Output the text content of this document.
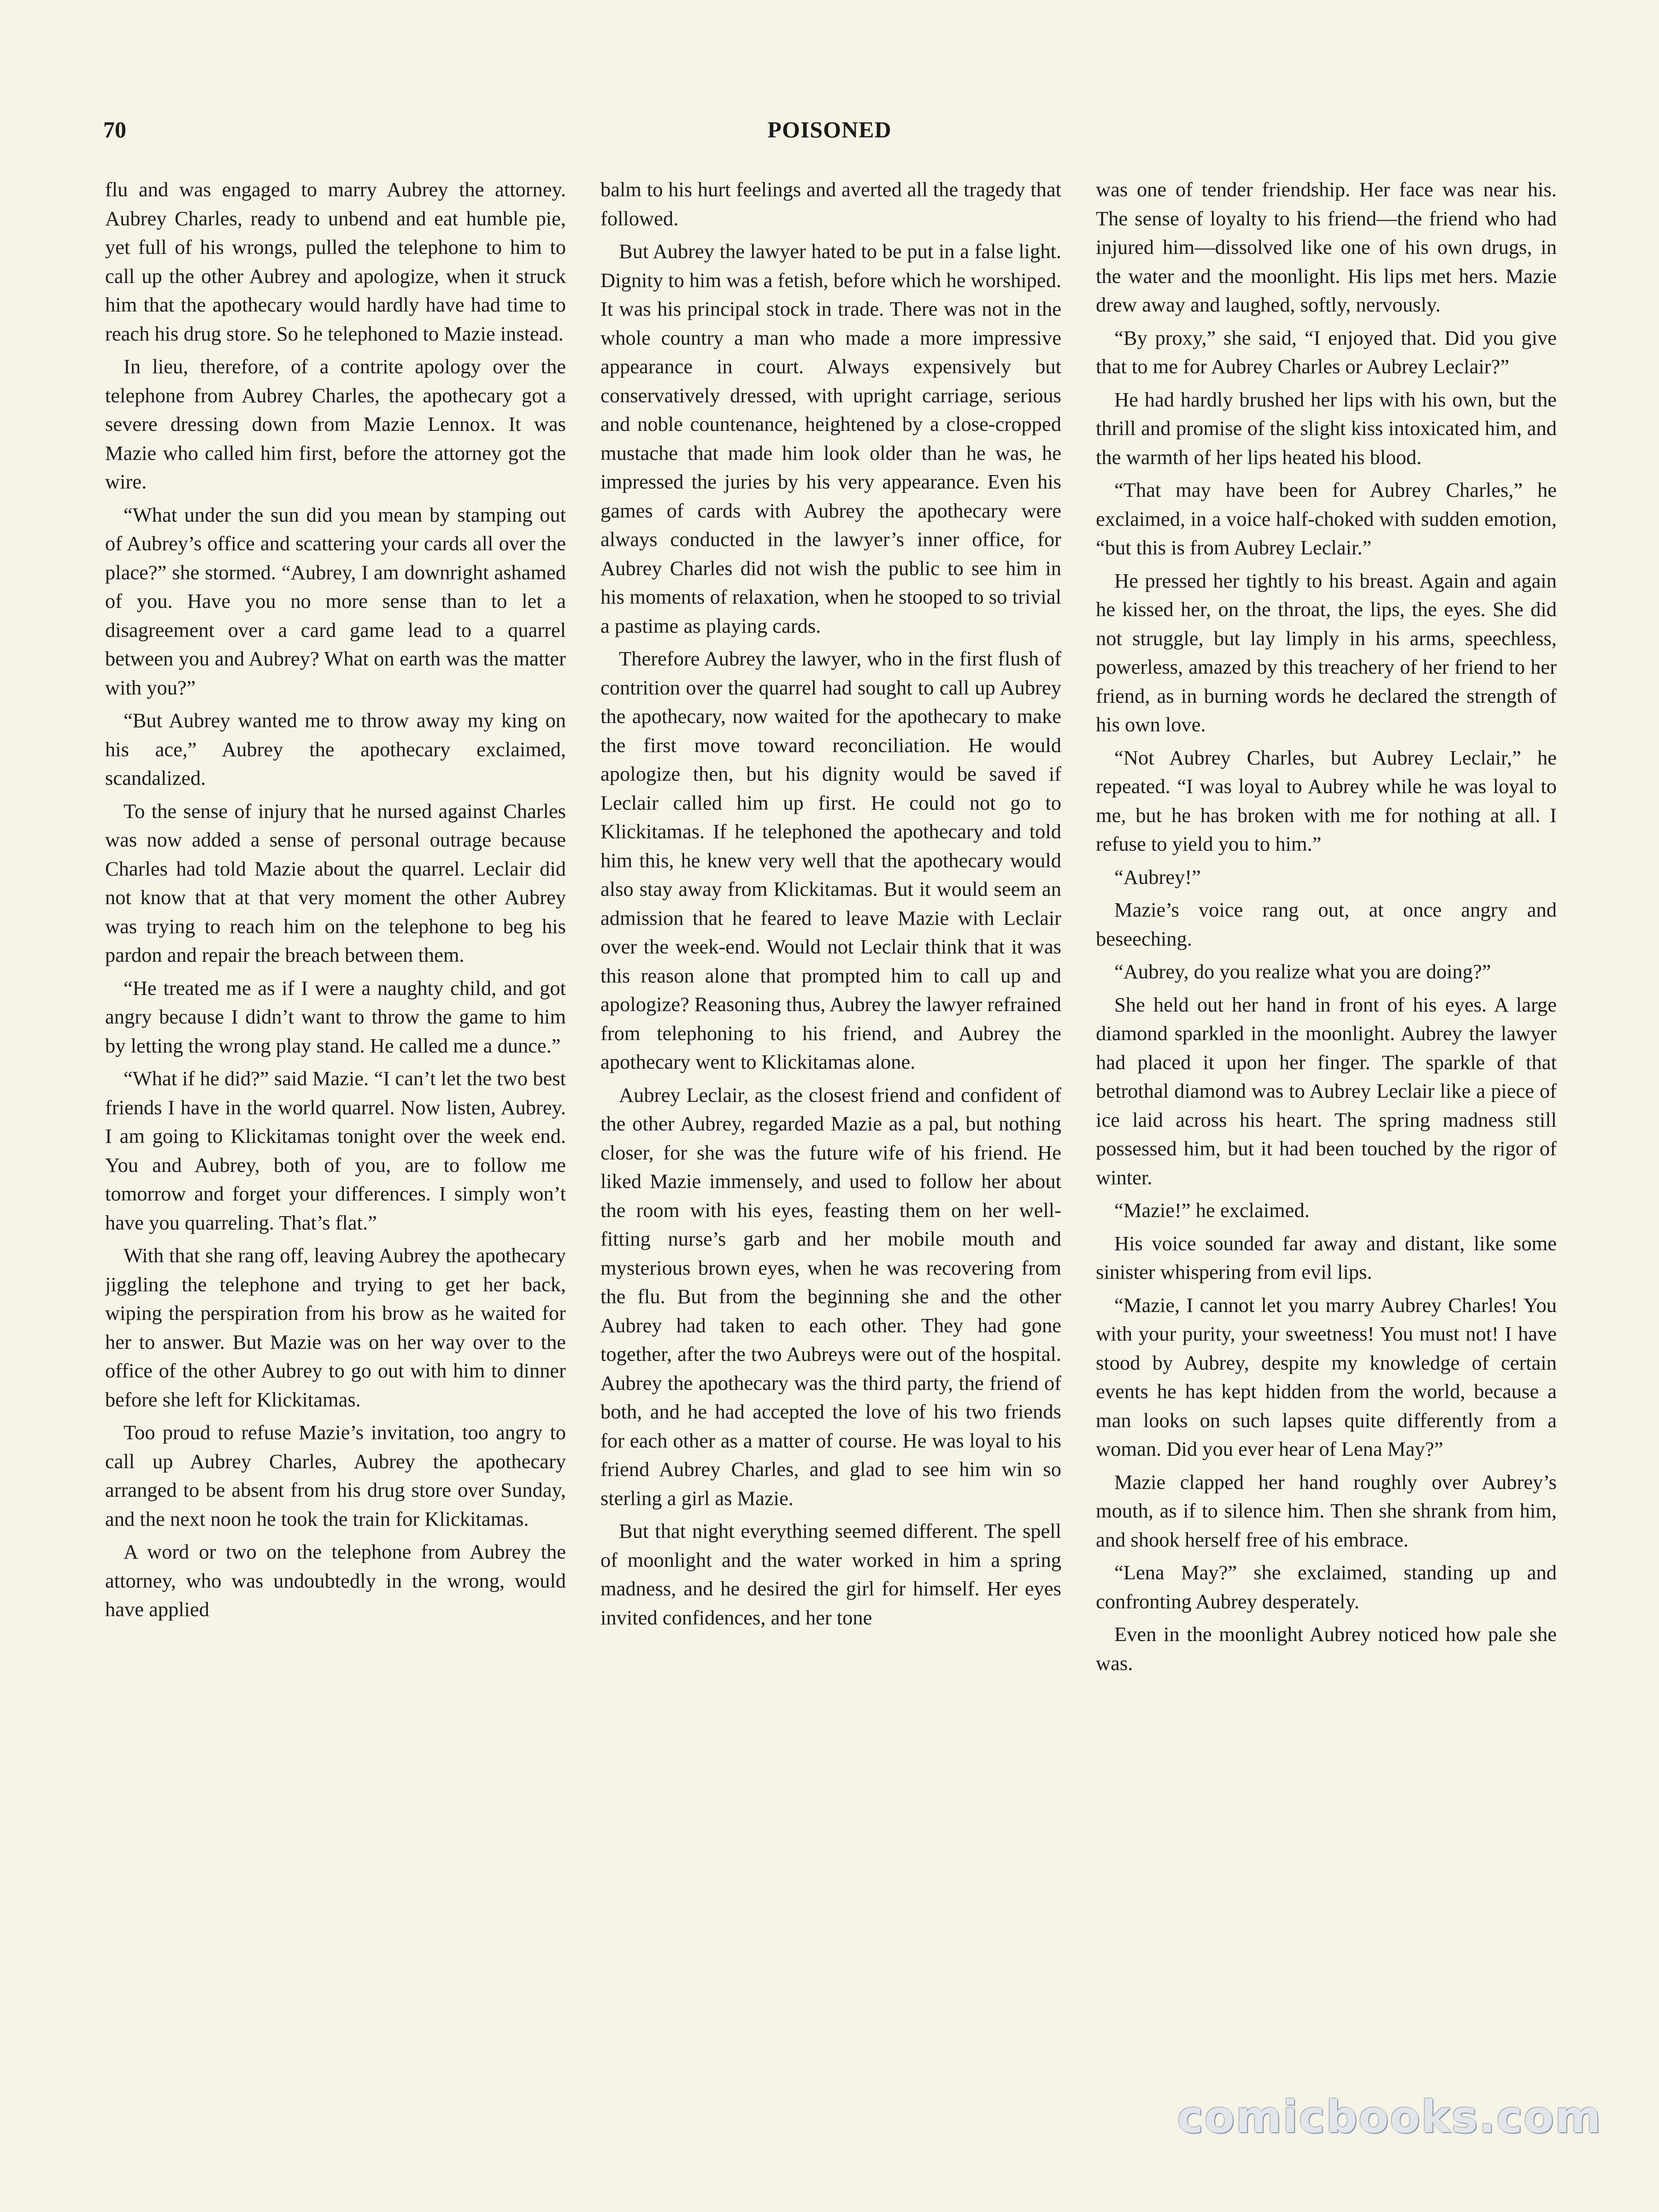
70	POISONED

flu and was engaged to marry Aubrey the attorney. Aubrey Charles, ready to unbend and eat humble pie, yet full of his wrongs, pulled the telephone to him to call up the other Aubrey and apologize, when it struck him that the apothecary would hardly have had time to reach his drug store. So he telephoned to Mazie instead.

In lieu, therefore, of a contrite apology over the telephone from Aubrey Charles, the apothecary got a severe dressing down from Mazie Lennox. It was Mazie who called him first, before the attorney got the wire.

“What under the sun did you mean by stamping out of Aubrey’s office and scattering your cards all over the place?” she stormed. “Aubrey, I am downright ashamed of you. Have you no more sense than to let a disagreement over a card game lead to a quarrel between you and Aubrey? What on earth was the matter with you?”

“But Aubrey wanted me to throw away my king on his ace,” Aubrey the apothecary exclaimed, scandalized.

To the sense of injury that he nursed against Charles was now added a sense of personal outrage because Charles had told Mazie about the quarrel. Leclair did not know that at that very moment the other Aubrey was trying to reach him on the telephone to beg his pardon and repair the breach between them.

“He treated me as if I were a naughty child, and got angry because I didn’t want to throw the game to him by letting the wrong play stand. He called me a dunce.”

“What if he did?” said Mazie. “I can’t let the two best friends I have in the world quarrel. Now listen, Aubrey. I am going to Klickitamas tonight over the week end. You and Aubrey, both of you, are to follow me tomorrow and forget your differences. I simply won’t have you quarreling. That’s flat.”

With that she rang off, leaving Aubrey the apothecary jiggling the telephone and trying to get her back, wiping the perspiration from his brow as he waited for her to answer. But Mazie was on her way over to the office of the other Aubrey to go out with him to dinner before she left for Klickitamas.

Too proud to refuse Mazie’s invitation, too angry to call up Aubrey Charles, Aubrey the apothecary arranged to be absent from his drug store over Sunday, and the next noon he took the train for Klickitamas.

A word or two on the telephone from Aubrey the attorney, who was undoubtedly in the wrong, would have applied

balm to his hurt feelings and averted all the tragedy that followed.

But Aubrey the lawyer hated to be put in a false light. Dignity to him was a fetish, before which he worshiped. It was his principal stock in trade. There was not in the whole country a man who made a more impressive appearance in court. Always expensively but conservatively dressed, with upright carriage, serious and noble countenance, heightened by a close-cropped mustache that made him look older than he was, he impressed the juries by his very appearance. Even his games of cards with Aubrey the apothecary were always conducted in the lawyer’s inner office, for Aubrey Charles did not wish the public to see him in his moments of relaxation, when he stooped to so trivial a pastime as playing cards.

Therefore Aubrey the lawyer, who in the first flush of contrition over the quarrel had sought to call up Aubrey the apothecary, now waited for the apothecary to make the first move toward reconciliation. He would apologize then, but his dignity would be saved if Leclair called him up first. He could not go to Klickitamas. If he telephoned the apothecary and told him this, he knew very well that the apothecary would also stay away from Klickitamas. But it would seem an admission that he feared to leave Mazie with Leclair over the week-end. Would not Leclair think that it was this reason alone that prompted him to call up and apologize? Reasoning thus, Aubrey the lawyer refrained from telephoning to his friend, and Aubrey the apothecary went to Klickitamas alone.

Aubrey Leclair, as the closest friend and confident of the other Aubrey, regarded Mazie as a pal, but nothing closer, for she was the future wife of his friend. He liked Mazie immensely, and used to follow her about the room with his eyes, feasting them on her well-fitting nurse’s garb and her mobile mouth and mysterious brown eyes, when he was recovering from the flu. But from the beginning she and the other Aubrey had taken to each other. They had gone together, after the two Aubreys were out of the hospital. Aubrey the apothecary was the third party, the friend of both, and he had accepted the love of his two friends for each other as a matter of course. He was loyal to his friend Aubrey Charles, and glad to see him win so sterling a girl as Mazie.

But that night everything seemed different. The spell of moonlight and the water worked in him a spring madness, and he desired the girl for himself. Her eyes invited confidences, and her tone

was one of tender friendship. Her face was near his. The sense of loyalty to his friend—the friend who had injured him—dissolved like one of his own drugs, in the water and the moonlight. His lips met hers. Mazie drew away and laughed, softly, nervously.

“By proxy,” she said, “I enjoyed that. Did you give that to me for Aubrey Charles or Aubrey Leclair?”

He had hardly brushed her lips with his own, but the thrill and promise of the slight kiss intoxicated him, and the warmth of her lips heated his blood.

“That may have been for Aubrey Charles,” he exclaimed, in a voice half-choked with sudden emotion, “but this is from Aubrey Leclair.”

He pressed her tightly to his breast. Again and again he kissed her, on the throat, the lips, the eyes. She did not struggle, but lay limply in his arms, speechless, powerless, amazed by this treachery of her friend to her friend, as in burning words he declared the strength of his own love.

“Not Aubrey Charles, but Aubrey Leclair,” he repeated. “I was loyal to Aubrey while he was loyal to me, but he has broken with me for nothing at all. I refuse to yield you to him.”

“Aubrey!”

Mazie’s voice rang out, at once angry and beseeching.

“Aubrey, do you realize what you are doing?”

She held out her hand in front of his eyes. A large diamond sparkled in the moonlight. Aubrey the lawyer had placed it upon her finger. The sparkle of that betrothal diamond was to Aubrey Leclair like a piece of ice laid across his heart. The spring madness still possessed him, but it had been touched by the rigor of winter.

“Mazie!” he exclaimed.

His voice sounded far away and distant, like some sinister whispering from evil lips.

“Mazie, I cannot let you marry Aubrey Charles! You with your purity, your sweetness! You must not! I have stood by Aubrey, despite my knowledge of certain events he has kept hidden from the world, because a man looks on such lapses quite differently from a woman. Did you ever hear of Lena May?”

Mazie clapped her hand roughly over Aubrey’s mouth, as if to silence him. Then she shrank from him, and shook herself free of his embrace.

“Lena May?” she exclaimed, standing up and confronting Aubrey desperately.

Even in the moonlight Aubrey noticed how pale she was.

comicbooks.com
